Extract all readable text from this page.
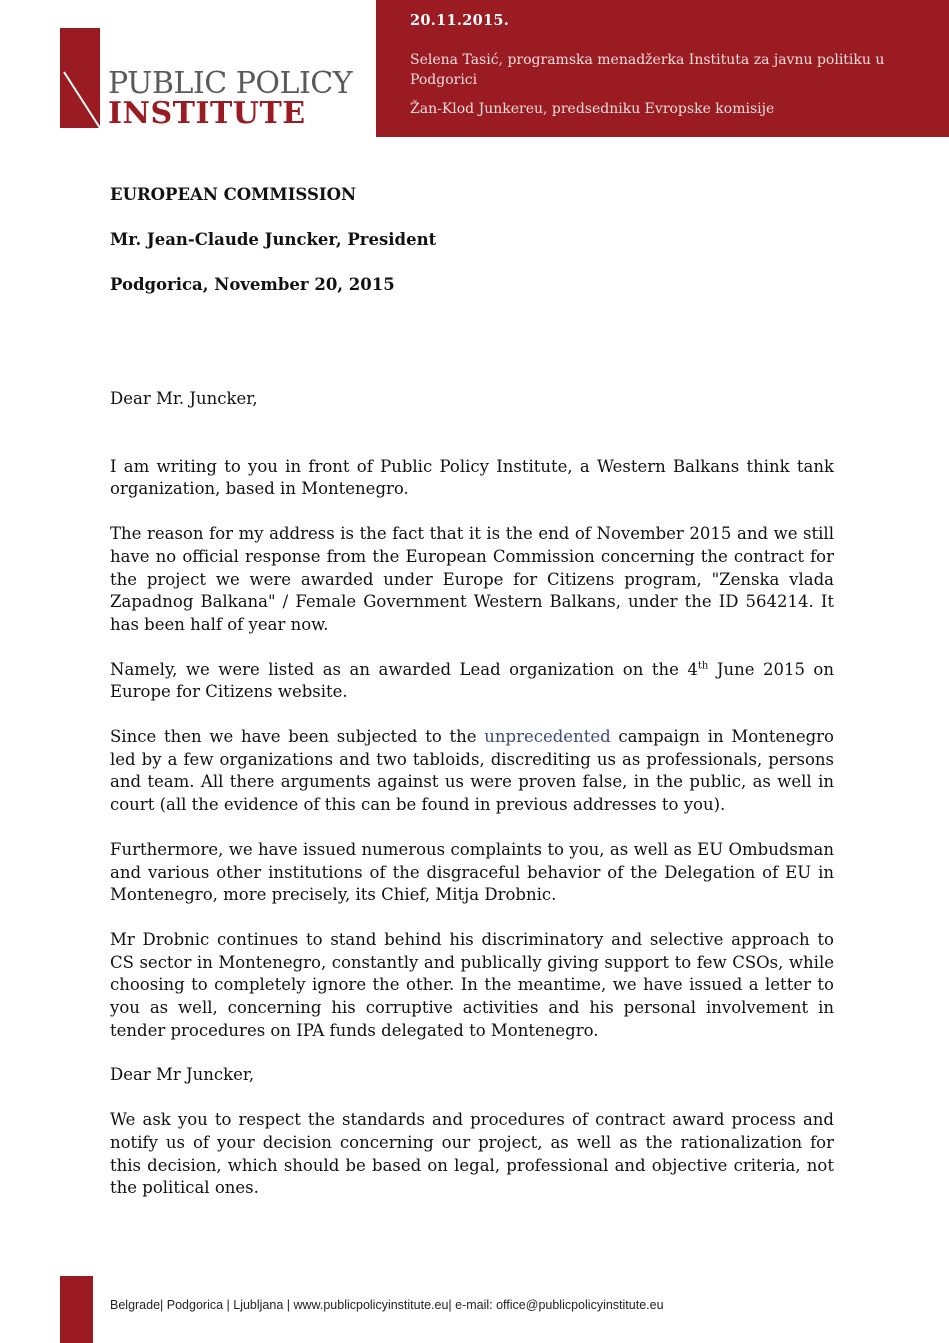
20.11.2015.
Selena Tasić, programska menadžerka Instituta za javnu politiku u Podgorici
Žan-Klod Junkereu, predsedniku Evropske komisije
PUBLIC POLICY
INSTITUTE
EUROPEAN COMMISSION
Mr. Jean-Claude Juncker, President
Podgorica, November 20, 2015

Dear Mr. Juncker,

I am writing to you in front of Public Policy Institute, a Western Balkans think tank organization, based in Montenegro.

The reason for my address is the fact that it is the end of November 2015 and we still have no official response from the European Commission concerning the contract for the project we were awarded under Europe for Citizens program, "Zenska vlada Zapadnog Balkana" / Female Government Western Balkans, under the ID 564214. It has been half of year now.

Namely, we were listed as an awarded Lead organization on the 4th June 2015 on Europe for Citizens website.

Since then we have been subjected to the unprecedented campaign in Montenegro led by a few organizations and two tabloids, discrediting us as professionals, persons and team. All there arguments against us were proven false, in the public, as well in court (all the evidence of this can be found in previous addresses to you).

Furthermore, we have issued numerous complaints to you, as well as EU Ombudsman and various other institutions of the disgraceful behavior of the Delegation of EU in Montenegro, more precisely, its Chief, Mitja Drobnic.

Mr Drobnic continues to stand behind his discriminatory and selective approach to CS sector in Montenegro, constantly and publically giving support to few CSOs, while choosing to completely ignore the other. In the meantime, we have issued a letter to you as well, concerning his corruptive activities and his personal involvement in tender procedures on IPA funds delegated to Montenegro.

Dear Mr Juncker,

We ask you to respect the standards and procedures of contract award process and notify us of your decision concerning our project, as well as the rationalization for this decision, which should be based on legal, professional and objective criteria, not the political ones.

Belgrade| Podgorica | Ljubljana | www.publicpolicyinstitute.eu| e-mail: office@publicpolicyinstitute.eu
